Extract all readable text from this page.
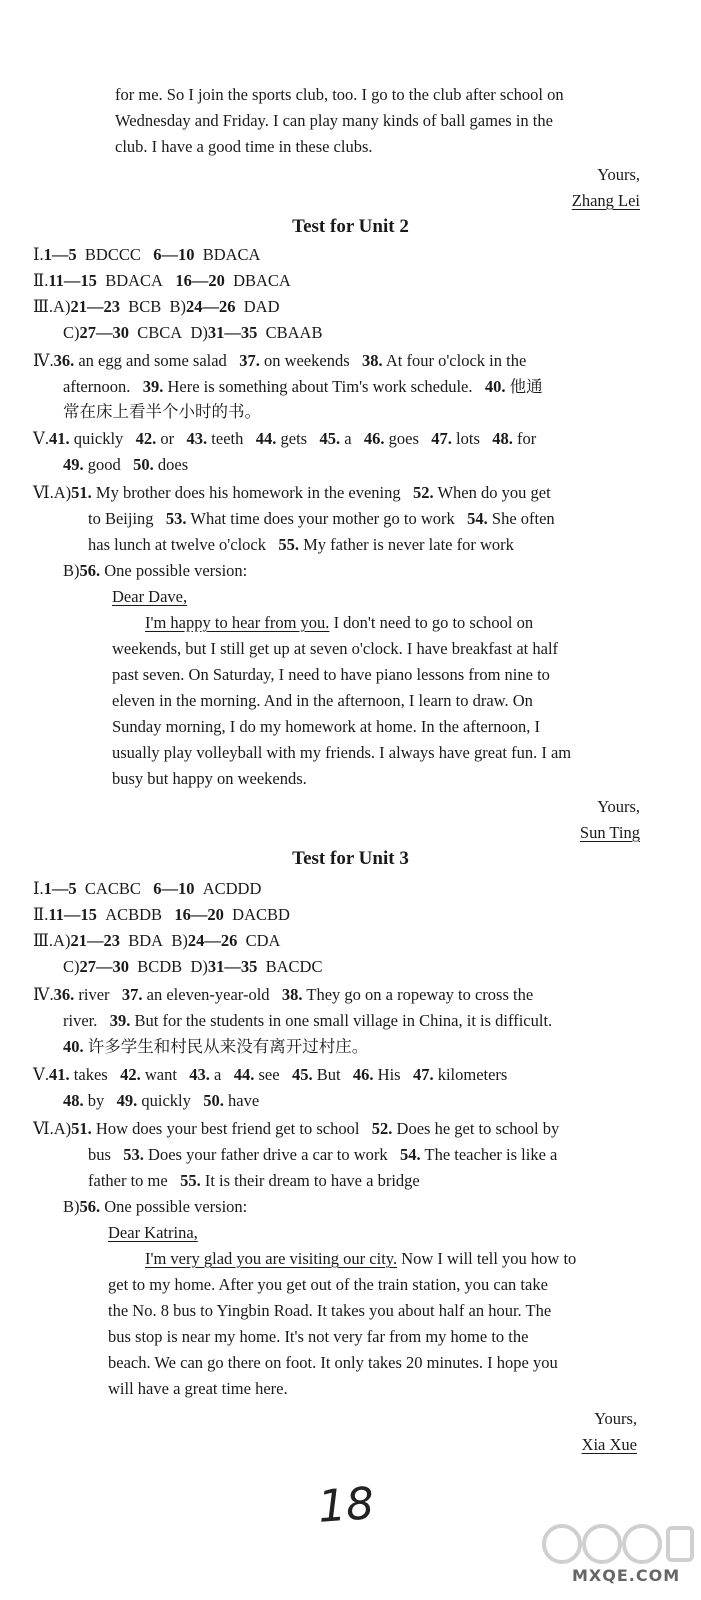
for me. So I join the sports club, too. I go to the club after school on
Wednesday and Friday. I can play many kinds of ball games in the
club. I have a good time in these clubs.
Yours,
Zhang Lei
Test for Unit 2
Ⅰ.1—5 BDCCC 6—10 BDACA
Ⅱ.11—15 BDACA 16—20 DBACA
Ⅲ.A)21—23 BCB B)24—26 DAD
C)27—30 CBCA D)31—35 CBAAB
Ⅳ.36. an egg and some salad 37. on weekends 38. At four o'clock in the
afternoon. 39. Here is something about Tim's work schedule. 40. 他通
常在床上看半个小时的书。
Ⅴ.41. quickly 42. or 43. teeth 44. gets 45. a 46. goes 47. lots 48. for
49. good 50. does
Ⅵ.A)51. My brother does his homework in the evening 52. When do you get
to Beijing 53. What time does your mother go to work 54. She often
has lunch at twelve o'clock 55. My father is never late for work
B)56. One possible version:
Dear Dave,
I'm happy to hear from you. I don't need to go to school on
weekends, but I still get up at seven o'clock. I have breakfast at half
past seven. On Saturday, I need to have piano lessons from nine to
eleven in the morning. And in the afternoon, I learn to draw. On
Sunday morning, I do my homework at home. In the afternoon, I
usually play volleyball with my friends. I always have great fun. I am
busy but happy on weekends.
Yours,
Sun Ting
Test for Unit 3
Ⅰ.1—5 CACBC 6—10 ACDDD
Ⅱ.11—15 ACBDB 16—20 DACBD
Ⅲ.A)21—23 BDA B)24—26 CDA
C)27—30 BCDB D)31—35 BACDC
Ⅳ.36. river 37. an eleven-year-old 38. They go on a ropeway to cross the
river. 39. But for the students in one small village in China, it is difficult.
40. 许多学生和村民从来没有离开过村庄。
Ⅴ.41. takes 42. want 43. a 44. see 45. But 46. His 47. kilometers
48. by 49. quickly 50. have
Ⅵ.A)51. How does your best friend get to school 52. Does he get to school by
bus 53. Does your father drive a car to work 54. The teacher is like a
father to me 55. It is their dream to have a bridge
B)56. One possible version:
Dear Katrina,
I'm very glad you are visiting our city. Now I will tell you how to
get to my home. After you get out of the train station, you can take
the No. 8 bus to Yingbin Road. It takes you about half an hour. The
bus stop is near my home. It's not very far from my home to the
beach. We can go there on foot. It only takes 20 minutes. I hope you
will have a great time here.
Yours,
Xia Xue
18
MXQE.COM
